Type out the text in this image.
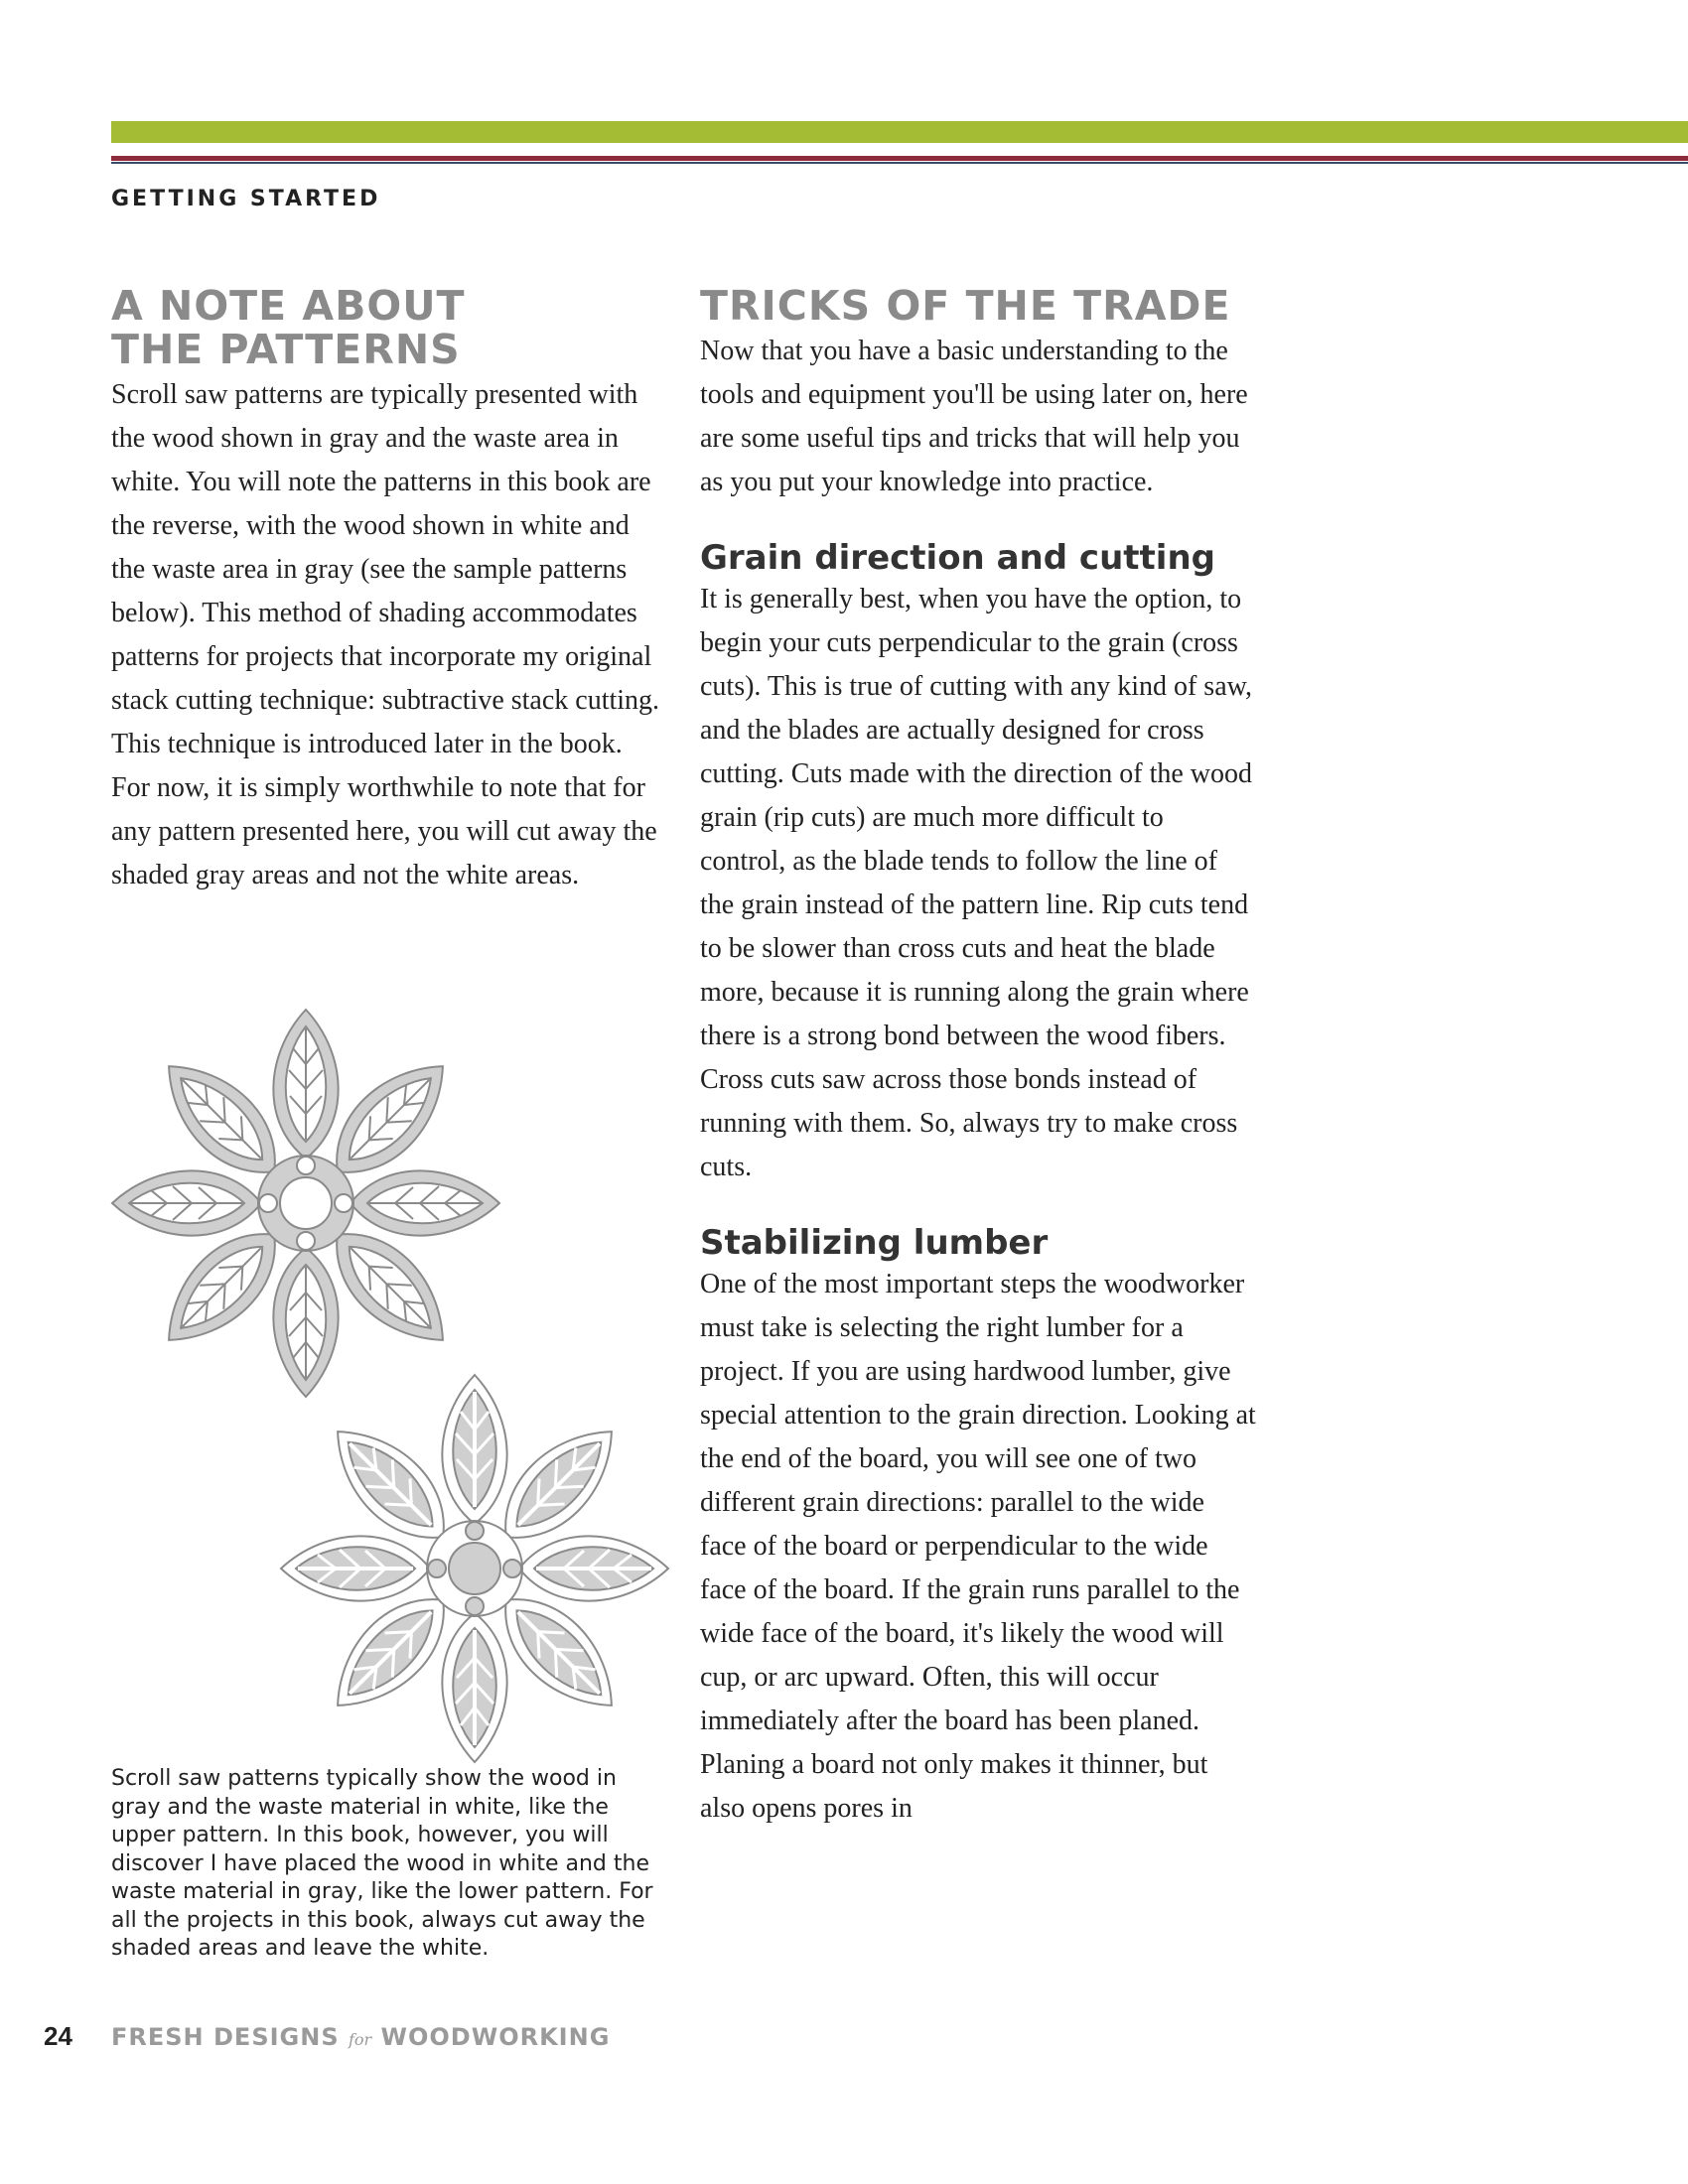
GETTING STARTED
A NOTE ABOUT
THE PATTERNS

Scroll saw patterns are typically presented with the wood shown in gray and the waste area in white. You will note the patterns in this book are the reverse, with the wood shown in white and the waste area in gray (see the sample patterns below). This method of shading accommodates patterns for projects that incorporate my original stack cutting technique: subtractive stack cutting. This technique is introduced later in the book. For now, it is simply worthwhile to note that for any pattern presented here, you will cut away the shaded gray areas and not the white areas.

Scroll saw patterns typically show the wood in gray and the waste material in white, like the upper pattern. In this book, however, you will discover I have placed the wood in white and the waste material in gray, like the lower pattern. For all the projects in this book, always cut away the shaded areas and leave the white.

TRICKS OF THE TRADE

Now that you have a basic understanding to the tools and equipment you'll be using later on, here are some useful tips and tricks that will help you as you put your knowledge into practice.

Grain direction and cutting

It is generally best, when you have the option, to begin your cuts perpendicular to the grain (cross cuts). This is true of cutting with any kind of saw, and the blades are actually designed for cross cutting. Cuts made with the direction of the wood grain (rip cuts) are much more difficult to control, as the blade tends to follow the line of the grain instead of the pattern line. Rip cuts tend to be slower than cross cuts and heat the blade more, because it is running along the grain where there is a strong bond between the wood fibers. Cross cuts saw across those bonds instead of running with them. So, always try to make cross cuts.

Stabilizing lumber

One of the most important steps the woodworker must take is selecting the right lumber for a project. If you are using hardwood lumber, give special attention to the grain direction. Looking at the end of the board, you will see one of two different grain directions: parallel to the wide face of the board or perpendicular to the wide face of the board. If the grain runs parallel to the wide face of the board, it's likely the wood will cup, or arc upward. Often, this will occur immediately after the board has been planed. Planing a board not only makes it thinner, but also opens pores in

24 FRESH DESIGNS for WOODWORKING
